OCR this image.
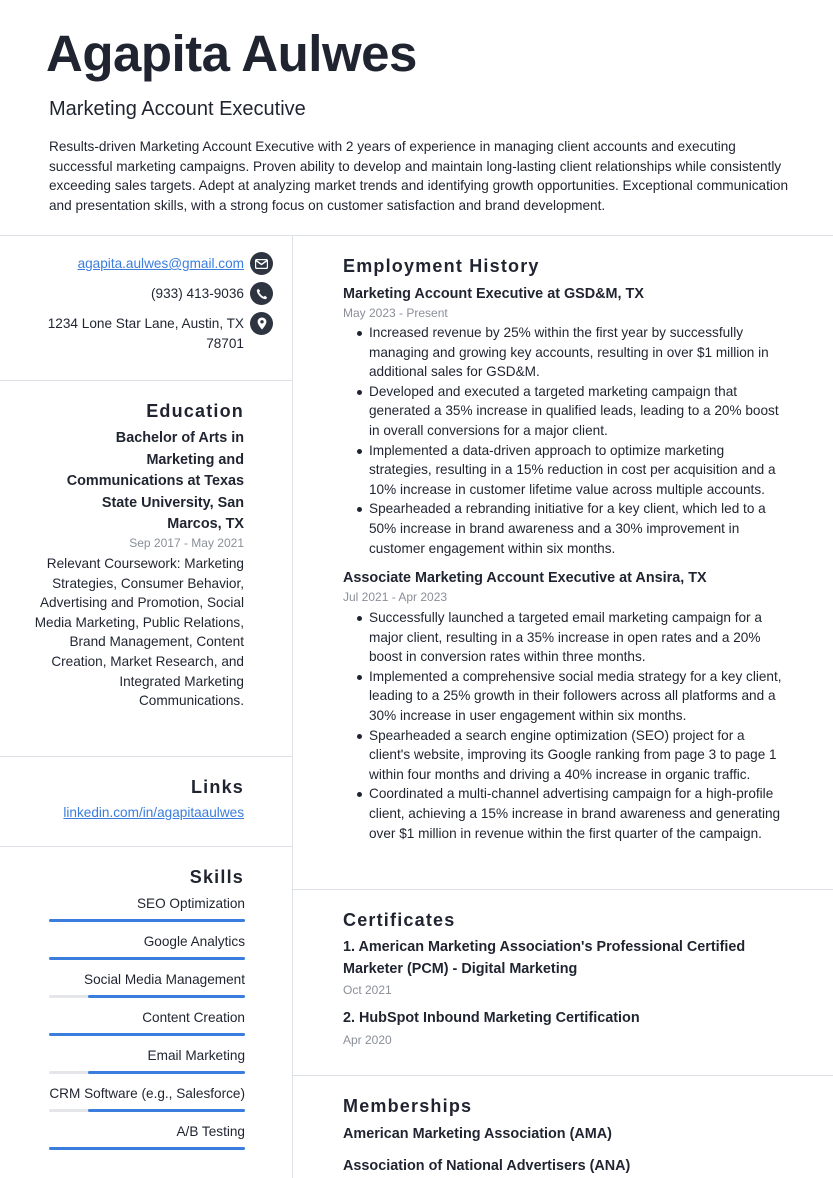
Agapita Aulwes
Marketing Account Executive

Results-driven Marketing Account Executive with 2 years of experience in managing client accounts and executing successful marketing campaigns. Proven ability to develop and maintain long-lasting client relationships while consistently exceeding sales targets. Adept at analyzing market trends and identifying growth opportunities. Exceptional communication and presentation skills, with a strong focus on customer satisfaction and brand development.

agapita.aulwes@gmail.com
(933) 413-9036
1234 Lone Star Lane, Austin, TX
78701
Education
Bachelor of Arts in Marketing and Communications at Texas State University, San Marcos, TX
Sep 2017 - May 2021
Relevant Coursework: Marketing Strategies, Consumer Behavior, Advertising and Promotion, Social Media Marketing, Public Relations, Brand Management, Content Creation, Market Research, and Integrated Marketing Communications.
Links
linkedin.com/in/agapitaaulwes
Skills
SEO Optimization
Google Analytics
Social Media Management
Content Creation
Email Marketing
CRM Software (e.g., Salesforce)
A/B Testing
Employment History
Marketing Account Executive at GSD&M, TX
May 2023 - Present
Increased revenue by 25% within the first year by successfully managing and growing key accounts, resulting in over $1 million in additional sales for GSD&M.
Developed and executed a targeted marketing campaign that generated a 35% increase in qualified leads, leading to a 20% boost in overall conversions for a major client.
Implemented a data-driven approach to optimize marketing strategies, resulting in a 15% reduction in cost per acquisition and a 10% increase in customer lifetime value across multiple accounts.
Spearheaded a rebranding initiative for a key client, which led to a 50% increase in brand awareness and a 30% improvement in customer engagement within six months.
Associate Marketing Account Executive at Ansira, TX
Jul 2021 - Apr 2023
Successfully launched a targeted email marketing campaign for a major client, resulting in a 35% increase in open rates and a 20% boost in conversion rates within three months.
Implemented a comprehensive social media strategy for a key client, leading to a 25% growth in their followers across all platforms and a 30% increase in user engagement within six months.
Spearheaded a search engine optimization (SEO) project for a client's website, improving its Google ranking from page 3 to page 1 within four months and driving a 40% increase in organic traffic.
Coordinated a multi-channel advertising campaign for a high-profile client, achieving a 15% increase in brand awareness and generating over $1 million in revenue within the first quarter of the campaign.
Certificates
1. American Marketing Association's Professional Certified Marketer (PCM) - Digital Marketing
Oct 2021
2. HubSpot Inbound Marketing Certification
Apr 2020
Memberships
American Marketing Association (AMA)
Association of National Advertisers (ANA)
